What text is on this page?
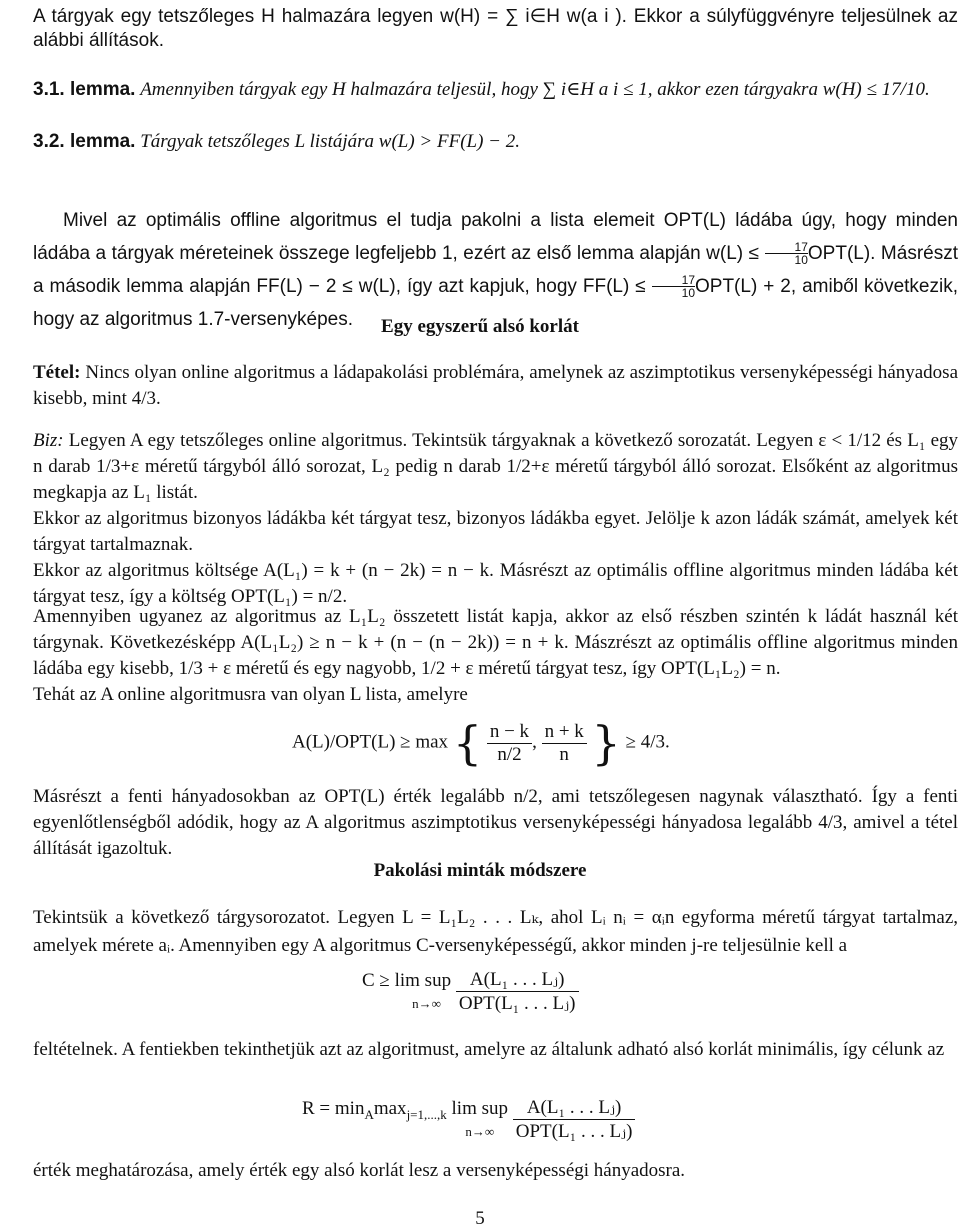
A tárgyak egy tetszőleges H halmazára legyen w(H) = ∑ i∈H w(a i ). Ekkor a súlyfüggvényre teljesülnek az alábbi állítások.
3.1. lemma. Amennyiben tárgyak egy H halmazára teljesül, hogy ∑ i∈H a i ≤ 1, akkor ezen tárgyakra w(H) ≤ 17/10.
3.2. lemma. Tárgyak tetszőleges L listájára w(L) > FF(L) − 2.
Mivel az optimális offline algoritmus el tudja pakolni a lista elemeit OPT(L) ládába úgy, hogy minden ládába a tárgyak méreteinek összege legfeljebb 1, ezért az első lemma alapján $w(L) \le \frac{17}{10} OPT(L)$. Másrészt a második lemma alapján FF(L) − 2 ≤ w(L), így azt kapjuk, hogy $FF(L) \le \frac{17}{10} OPT(L) + 2$, amiből következik, hogy az algoritmus 1.7-versenyképes.	Egy egyszerű alsó korlát
Tétel: Nincs olyan online algoritmus a ládapakolási problémára, amelynek az aszimptotikus versenyképességi hányadosa kisebb, mint 4/3.
Biz: Legyen A egy tetszőleges online algoritmus. Tekintsük tárgyaknak a következő sorozatát. Legyen ε < 1/12 és L₁ egy n darab 1/3+ε méretű tárgyból álló sorozat, L₂ pedig n darab 1/2+ε méretű tárgyból álló sorozat. Elsőként az algoritmus megkapja az L₁ listát.
Ekkor az algoritmus bizonyos ládákba két tárgyat tesz, bizonyos ládákba egyet. Jelölje k azon ládák számát, amelyek két tárgyat tartalmaznak.
Ekkor az algoritmus költsége A(L₁) = k + (n − 2k) = n − k. Másrészt az optimális offline algoritmus minden ládába két tárgyat tesz, így a költség OPT(L₁) = n/2.
Amennyiben ugyanez az algoritmus az L₁L₂ összetett listát kapja, akkor az első részben szintén k ládát használ két tárgynak. Következésképp A(L₁L₂) ≥ n − k + (n − (n − 2k)) = n + k. Mászrészt az optimális offline algoritmus minden ládába egy kisebb, 1/3 + ε méretű és egy nagyobb, 1/2 + ε méretű tárgyat tesz, így OPT(L₁L₂) = n.
Tehát az A online algoritmusra van olyan L lista, amelyre
A(L)/OPT(L) ≥ max { $\frac{n - k}{n/2}$ , $\frac{n + k}{n}$ } ≥ 4/3.
Másrészt a fenti hányadosokban az OPT(L) érték legalább n/2, ami tetszőlegesen nagynak választható. Így a fenti egyenlőtlenségből adódik, hogy az A algoritmus aszimptotikus versenyképességi hányadosa legalább 4/3, amivel a tétel állítását igazoltuk.
Pakolási minták módszere
Tekintsük a következő tárgysorozatot. Legyen L = L₁L₂ . . . Lₖ, ahol Lᵢ nᵢ = αᵢn egyforma méretű tárgyat tartalmaz, amelyek mérete aᵢ. Amennyiben egy A algoritmus C-versenyképességű, akkor minden j-re teljesülnie kell a
C ≥ lim sup
$n\to\infty \frac{\text{A(L₁ . . . Lⱼ)}}{\text{OPT(L₁ . . . Lⱼ)}}$
feltételnek. A fentiekben tekinthetjük azt az algoritmust, amelyre az általunk adható alsó korlát minimális, így célunk az
$R = \min_A\max_{j=1,...,k}$ lim sup
$n\to\infty \frac{\text{A(L₁ . . . Lⱼ)}}{\text{OPT(L₁ . . . Lⱼ)}}$
érték meghatározása, amely érték egy alsó korlát lesz a versenyképességi hányadosra.
5
